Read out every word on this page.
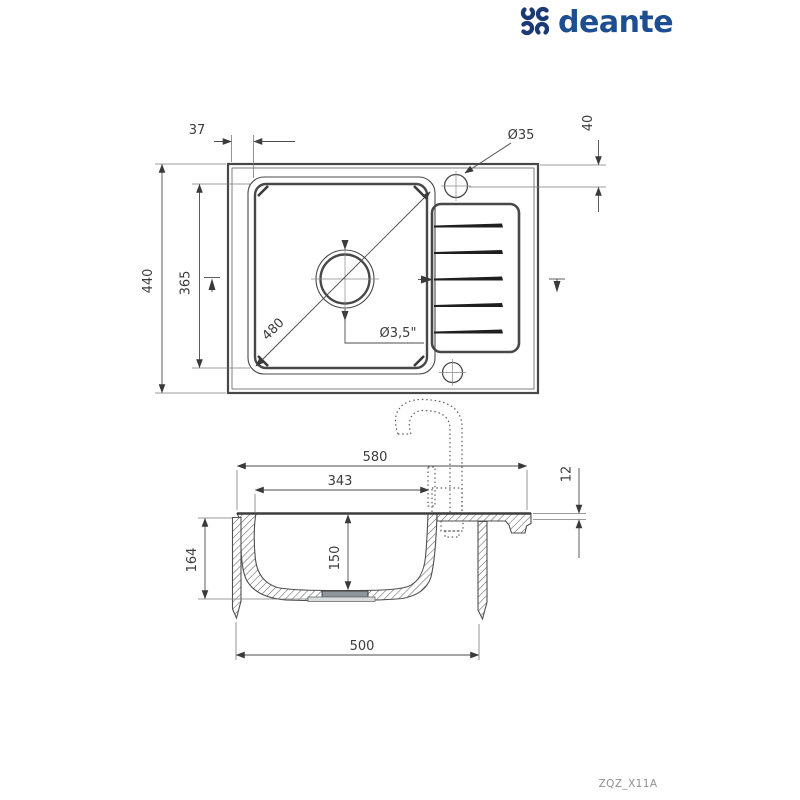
deante
37
440 365
40
480
Ø35
Ø3,5"
580
343	12
164	150
500
ZQZ_X11A
